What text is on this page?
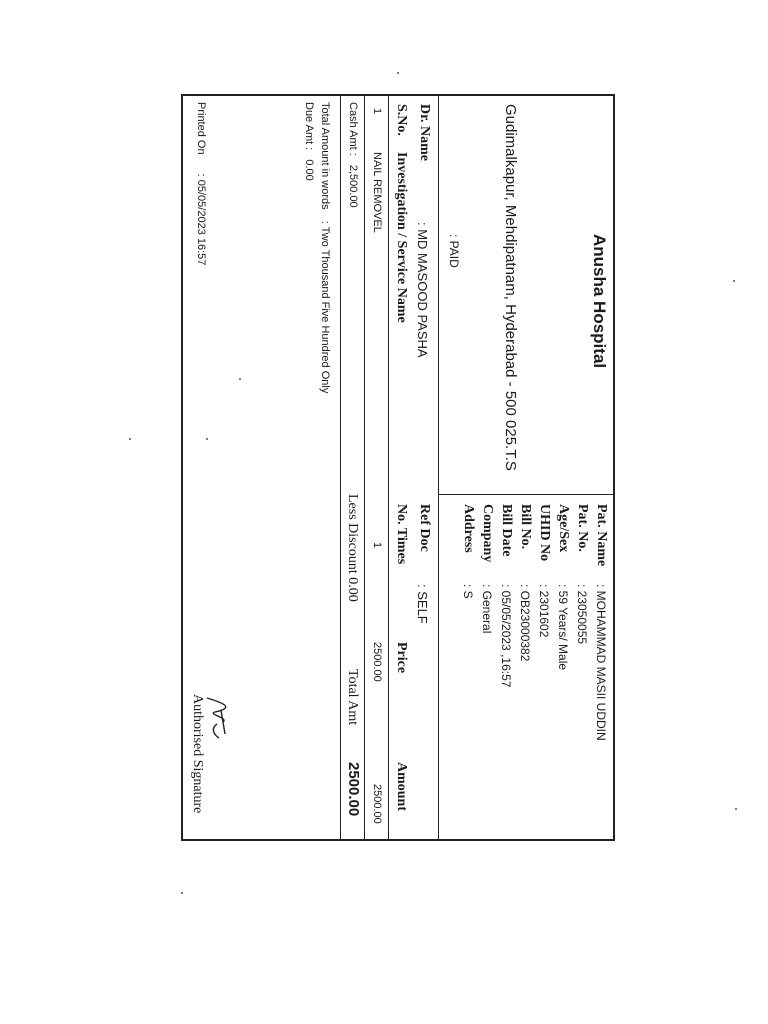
Anusha Hospital
Gudimalkapur, Mehdipatnam, Hyderabad - 500 025.T.S
: PAID
Pat. Name
: MOHAMMAD MASII UDDIN
Pat. No.
: 23050055
Age/Sex
: 59 Years/ Male
UHID No
: 2301602
Bill No.
: OB23000382
Bill Date
: 05/05/2023 ,16:57
Company
: General
Address
: S
Dr. Name
: MD MASOOD PASHA
Ref Doc
: SELF
S.No.
Investigation / Service Name
No. Times
Price
Amount
1
NAIL REMOVEL
1
2500.00
2500.00
Cash Amt : 2,500.00
Less Discount 0.00
Total Amt
2500.00
Total Amount in words : Two Thousand Five Hundred Only
Due Amt : 0.00
Printed On : 05/05/2023 16:57
Authorised Signature
